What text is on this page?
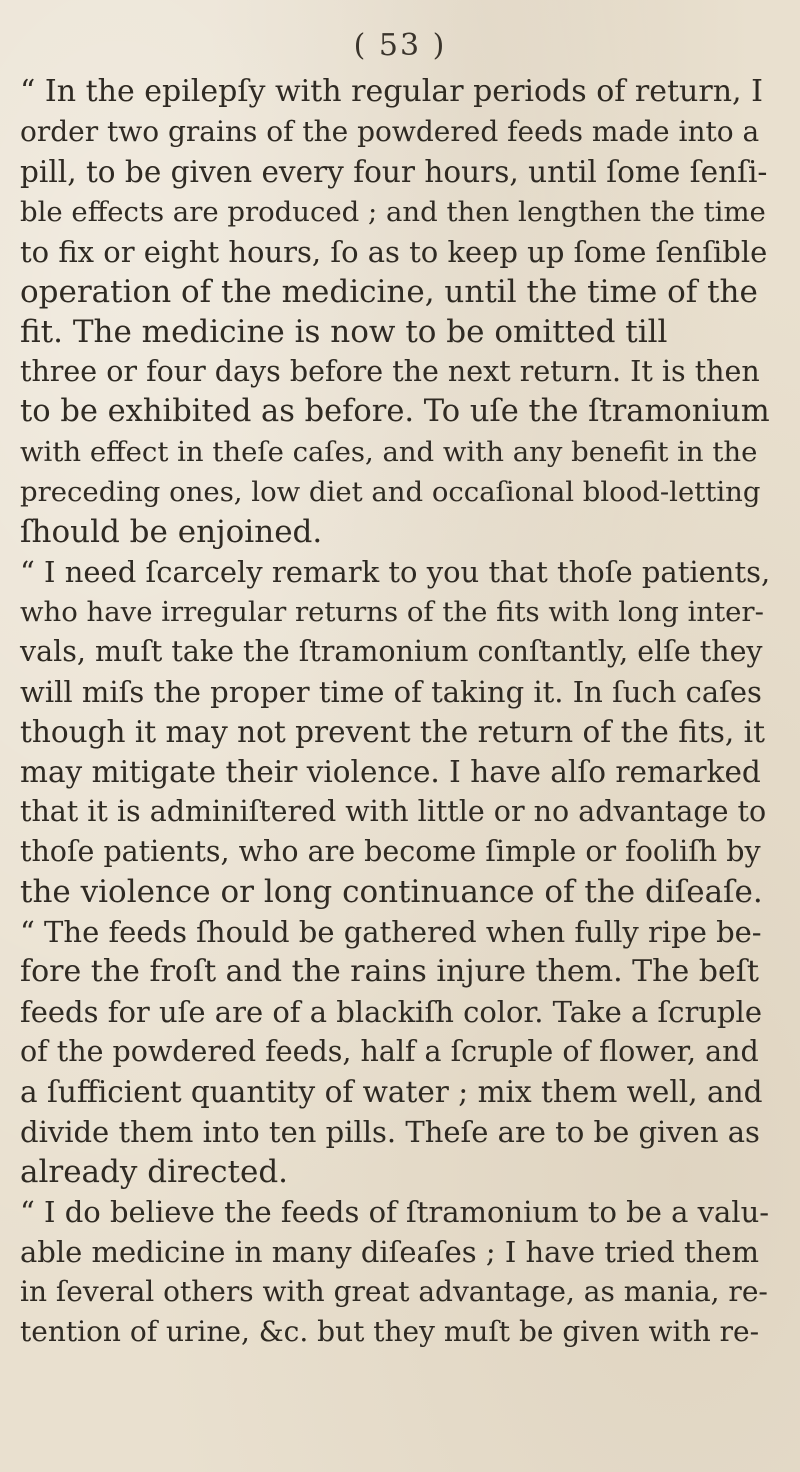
( 53 )
“ In the epilepſy with regular periods of return, I
order two grains of the powdered feeds made into a
pill, to be given every four hours, until ſome ſenſi-
ble effects are produced ; and then lengthen the time
to fix or eight hours, ſo as to keep up ſome ſenſible
operation of the medicine, until the time of the
fit. The medicine is now to be omitted till
three or four days before the next return. It is then
to be exhibited as before. To uſe the ſtramonium
with effect in theſe caſes, and with any benefit in the
preceding ones, low diet and occaſional blood-letting
ſhould be enjoined.
“ I need ſcarcely remark to you that thoſe patients,
who have irregular returns of the fits with long inter-
vals, muſt take the ſtramonium conſtantly, elſe they
will miſs the proper time of taking it. In ſuch caſes
though it may not prevent the return of the fits, it
may mitigate their violence. I have alſo remarked
that it is adminiſtered with little or no advantage to
thoſe patients, who are become ſimple or fooliſh by
the violence or long continuance of the diſeaſe.
“ The feeds ſhould be gathered when fully ripe be-
fore the froſt and the rains injure them. The beſt
feeds for uſe are of a blackiſh color. Take a ſcruple
of the powdered feeds, half a ſcruple of flower, and
a ſufficient quantity of water ; mix them well, and
divide them into ten pills. Theſe are to be given as
already directed.
“ I do believe the feeds of ſtramonium to be a valu-
able medicine in many diſeaſes ; I have tried them
in ſeveral others with great advantage, as mania, re-
tention of urine, &c. but they muſt be given with re-
